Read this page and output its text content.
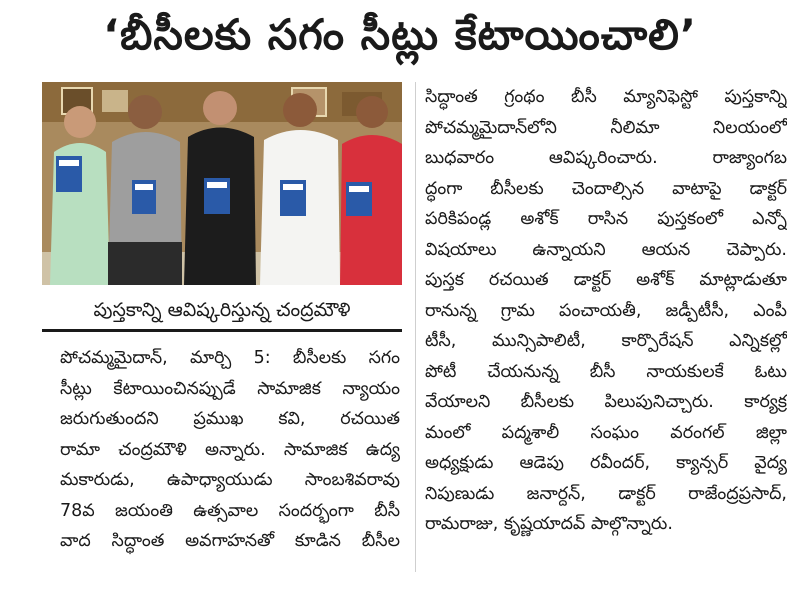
‘బీసీలకు సగం సీట్లు కేటాయించాలి’
పుస్తకాన్ని ఆవిష్కరిస్తున్న చంద్రమౌళి
పోచమ్మమైదాన్, మార్చి 5: బీసీలకు సగం
సీట్లు కేటాయించినప్పుడే సామాజిక న్యాయం
జరుగుతుందని ప్రముఖ కవి, రచయిత
రామా చంద్రమౌళి అన్నారు. సామాజిక ఉద్య
మకారుడు, ఉపాధ్యాయుడు సాంబశివరావు
78వ జయంతి ఉత్సవాల సందర్భంగా బీసీ
వాద సిద్ధాంత అవగాహనతో కూడిన బీసీల
సిద్ధాంత గ్రంథం బీసీ మ్యానిఫెస్టో పుస్తకాన్ని
పోచమ్మమైదాన్‌లోని నీలిమా నిలయంలో
బుధవారం ఆవిష్కరించారు. రాజ్యాంగబ
ద్ధంగా బీసీలకు చెందాల్సిన వాటాపై డాక్టర్
పరికిపండ్ల అశోక్ రాసిన పుస్తకంలో ఎన్నో
విషయాలు ఉన్నాయని ఆయన చెప్పారు.
పుస్తక రచయిత డాక్టర్ అశోక్ మాట్లాడుతూ
రానున్న గ్రామ పంచాయతీ, జడ్పీటీసీ, ఎంపీ
టీసీ, మున్సిపాలిటీ, కార్పొరేషన్ ఎన్నికల్లో
పోటీ చేయనున్న బీసీ నాయకులకే ఓటు
వేయాలని బీసీలకు పిలుపునిచ్చారు. కార్యక్ర
మంలో పద్మశాలీ సంఘం వరంగల్ జిల్లా
అధ్యక్షుడు ఆడెపు రవీందర్, క్యాన్సర్ వైద్య
నిపుణుడు జనార్దన్, డాక్టర్ రాజేంద్రప్రసాద్,
రామరాజు, కృష్ణయాదవ్ పాల్గొన్నారు.
